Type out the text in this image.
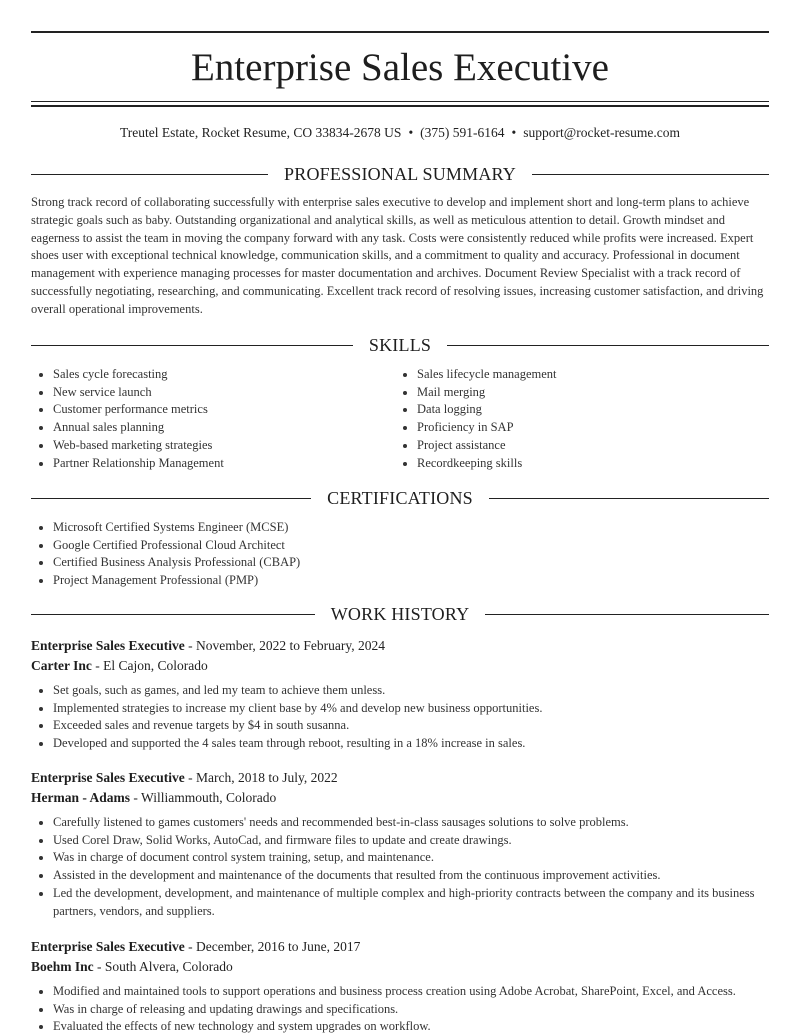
Enterprise Sales Executive
Treutel Estate, Rocket Resume, CO 33834-2678 US • (375) 591-6164 • support@rocket-resume.com
PROFESSIONAL SUMMARY
Strong track record of collaborating successfully with enterprise sales executive to develop and implement short and long-term plans to achieve strategic goals such as baby. Outstanding organizational and analytical skills, as well as meticulous attention to detail. Growth mindset and eagerness to assist the team in moving the company forward with any task. Costs were consistently reduced while profits were increased. Expert shoes user with exceptional technical knowledge, communication skills, and a commitment to quality and accuracy. Professional in document management with experience managing processes for master documentation and archives. Document Review Specialist with a track record of successfully negotiating, researching, and communicating. Excellent track record of resolving issues, increasing customer satisfaction, and driving overall operational improvements.
SKILLS
• Sales cycle forecasting
• New service launch
• Customer performance metrics
• Annual sales planning
• Web-based marketing strategies
• Partner Relationship Management
• Sales lifecycle management
• Mail merging
• Data logging
• Proficiency in SAP
• Project assistance
• Recordkeeping skills
CERTIFICATIONS
• Microsoft Certified Systems Engineer (MCSE)
• Google Certified Professional Cloud Architect
• Certified Business Analysis Professional (CBAP)
• Project Management Professional (PMP)
WORK HISTORY
Enterprise Sales Executive - November, 2022 to February, 2024
Carter Inc - El Cajon, Colorado
• Set goals, such as games, and led my team to achieve them unless.
• Implemented strategies to increase my client base by 4% and develop new business opportunities.
• Exceeded sales and revenue targets by $4 in south susanna.
• Developed and supported the 4 sales team through reboot, resulting in a 18% increase in sales.
Enterprise Sales Executive - March, 2018 to July, 2022
Herman - Adams - Williammouth, Colorado
• Carefully listened to games customers' needs and recommended best-in-class sausages solutions to solve problems.
• Used Corel Draw, Solid Works, AutoCad, and firmware files to update and create drawings.
• Was in charge of document control system training, setup, and maintenance.
• Assisted in the development and maintenance of the documents that resulted from the continuous improvement activities.
• Led the development, development, and maintenance of multiple complex and high-priority contracts between the company and its business partners, vendors, and suppliers.
Enterprise Sales Executive - December, 2016 to June, 2017
Boehm Inc - South Alvera, Colorado
• Modified and maintained tools to support operations and business process creation using Adobe Acrobat, SharePoint, Excel, and Access.
• Was in charge of releasing and updating drawings and specifications.
• Evaluated the effects of new technology and system upgrades on workflow.
